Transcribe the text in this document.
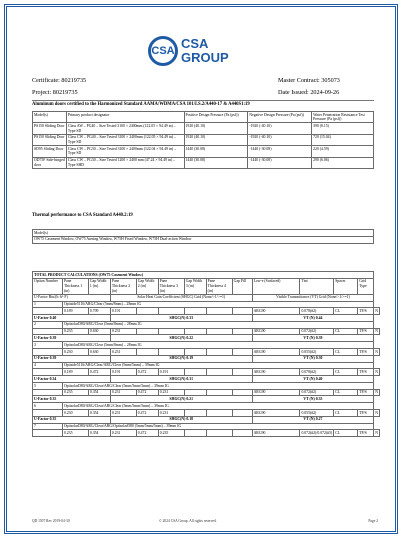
CSA CSA
GROUP
Certificate: 80219735
Project: 80219735
Master Contract: 305073
Date Issued: 2024-09-26
Aluminum doors certified to the Harmonized Standard AAMA/WDMA/CSA 101/I.S.2/A440-17 & A440S1:19
Model(s)	Primary product designator	Positive Design Pressure (Pa (psf))	Negative Design Pressure (Pa (psf))	Water Penetration Resistance Test Pressure (Pa (psf))
PS150 Sliding Door	Class AW – PG40 – Size Tested 3100 × 2400mm (122.05 × 94.49 in) – Type SD	1920 (40.10)	-1920 (-40.10)	390 (8.15)
PS150 Sliding Door	Class CW – PG40 – Size Tested 3100 × 2400mm (122.05 × 94.49 in) – Type SD	1920 (40.10)	-1920 (-40.10)	720 (15.04)
SD95 Sliding Door	Class CW – PG30 – Size Tested 3100 × 2400mm (122.04 × 94.49 in) – Type SD	1440 (30.08)	-1440 (-30.08)	220 (4.59)
OD75F Side-hinged door	Class CW – PG30 – Size Tested 1200 × 2400 mm (47.24 × 94.49 in) – Type SHD	1440 (30.08)	-1440 (-30.08)	290 (6.06)
Thermal performance to CSA Standard A440.2:19
Model(s)
OW75 Casement Window, OW75 Awning Window, W75H Fixed Window, W75H Dual-action Window
TOTAL PRODUCT CALCULATIONS (OW75 Casement Window)													
Option Number	Pane Thickness 1 (in)	Gap Width 1 (in)	Pane Thickness 2 (in)	Gap Width 2 (in)	Pane Thickness 3 (in)	Gap Width 3 (in)	Pane Thickness 4 (in)	Gap Fill	Low-e (Surface#)	Tint	Spacer	Grid Type	
U-Factor Btu/(h·ft²·F)			Solar Heat Gain Coefficient (SHGC) Grid (None/>1/>=1)						Visible Transmittance (VT) Grid (None/>1/>=1)				
1	Optiside5116/ARG/Clear (5mm/8mm) – 28mm IG												
	0.189	0.709	0.191						ARG90	0.078(#2)	CL	TP/S	N
U-Factor 0.40			SHGC(N) 0.33						VT (N) 0.44				
2	OptisolarD80/ARG/Clear (5mm/8mm) – 28mm IG												
	0.235	0.630	0.231						ARG90	0.072(#2)	CL	TP/S	N
U-Factor 0.39			SHGC(N) 0.22						VT (N) 0.39				
3	OptisolarD80/ARG/Clear (5mm/8mm) – 28mm IG												
	0.230	0.630	0.231						ARG90	0.055(#2)	CL	TP/S	N
U-Factor 0.39			SHGC(N) 0.19						VT (N) 0.30				
4	Optiside5116/ARG/Clear/ARG/Clear (5mm/5mm) – 39mm IG												
	0.189	0.472	0.191	0.472	0.191				ARG90	0.078(#2)	CL	TP/S	N
U-Factor 0.34			SHGC(N) 0.31						VT (N) 0.40				
5	OptisolarD80/ARG/Clear/ARG/Clear (5mm/5mm/5mm) – 39mm IG												
	0.235	0.354	0.231	0.472	0.231				ARG90	0.072(#2)	CL	TP/S	N
U-Factor 0.35			SHGC(N) 0.21						VT (N) 0.35				
6	OptisolarD80/ARG/Clear/ARG/Clear (5mm/5mm/5mm) – 39mm IG												
	0.230	0.354	0.231	0.472	0.231				ARG90	0.055(#2)	CL	TP/S	N
U-Factor 0.35			SHGC(N) 0.18						VT (N) 0.27				
7	OptisolarD80/ARG/Clear/ARG/OptisolarD80 (5mm/5mm/5mm) – 39mm IG												
	0.235	0.354	0.231	0.472	0.235				ARG90	0.072(#2)/0.072(#5)	CL	TP/S	N
QD 1507 Rev 2019-04-30	© 2024 CSA Group. All rights reserved.	Page 2
